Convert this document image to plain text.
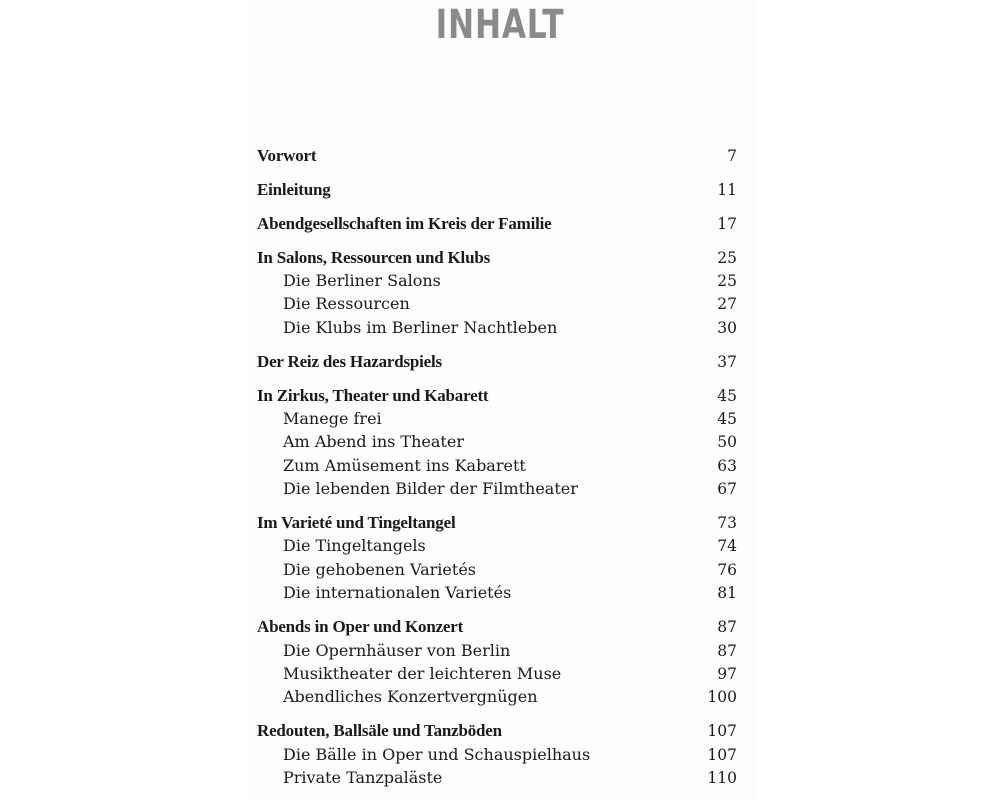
INHALT
Vorwort	7
Einleitung	11
Abendgesellschaften im Kreis der Familie	17
In Salons, Ressourcen und Klubs	25
Die Berliner Salons	25
Die Ressourcen	27
Die Klubs im Berliner Nachtleben	30
Der Reiz des Hazardspiels	37
In Zirkus, Theater und Kabarett	45
Manege frei	45
Am Abend ins Theater	50
Zum Amüsement ins Kabarett	63
Die lebenden Bilder der Filmtheater	67
Im Varieté und Tingeltangel	73
Die Tingeltangels	74
Die gehobenen Varietés	76
Die internationalen Varietés	81
Abends in Oper und Konzert	87
Die Opernhäuser von Berlin	87
Musiktheater der leichteren Muse	97
Abendliches Konzertvergnügen	100
Redouten, Ballsäle und Tanzböden	107
Die Bälle in Oper und Schauspielhaus	107
Private Tanzpaläste	110
